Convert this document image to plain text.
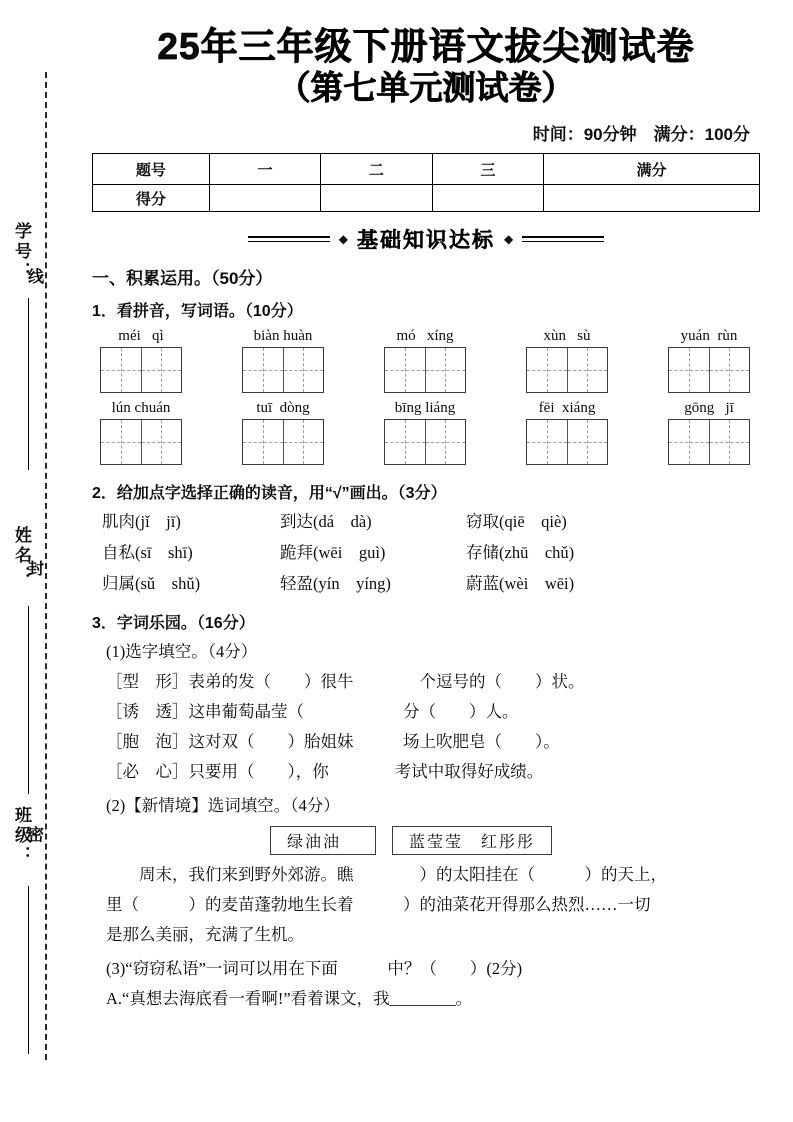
学号：
线
姓名：
封
班级：
密
25年三年级下册语文拔尖测试卷
（第七单元测试卷）
时间：90分钟　满分：100分
题号	一	二	三	满分
得分				
◆ 基础知识达标 ◆
一、积累运用。（50分）
1．看拼音，写词语。（10分）
méi   qì	biàn huàn	mó   xíng	xùn   sù	yuán  rùn
lún chuán	tuī  dòng	bīng liáng	fēi  xiáng	gōng   jī
2．给加点字选择正确的读音，用“√”画出。（3分）
肌肉(jǐ　jī)	到达(dá　dà)	窃取(qiē　qiè)
自私(sī　shī)	跪拜(wēi　guì)	存储(zhū　chǔ)
归属(sǔ　shǔ)	轻盈(yín　yíng)	蔚蓝(wèi　wēi)
3．字词乐园。（16分）
(1)选字填空。（4分）
［型　形］表弟的发（　　）很牛　　　　个逗号的（　　）状。
［诱　透］这串葡萄晶莹（　　　　　　分（　　）人。
［胞　泡］这对双（　　）胎姐妹　　　场上吹肥皂（　　）。
［必　心］只要用（　　），你　　　　考试中取得好成绩。
(2)【新情境】选词填空。（4分）
绿油油　	蓝莹莹　红彤彤
　　周末，我们来到野外郊游。瞧　　　　）的太阳挂在（　　　）的天上，
里（　　　）的麦苗蓬勃地生长着　　　）的油菜花开得那么热烈……一切
是那么美丽，充满了生机。
(3)“窃窃私语”一词可以用在下面　　　中？（　　）(2分)
A.“真想去海底看一看啊!”看着课文，我________。
